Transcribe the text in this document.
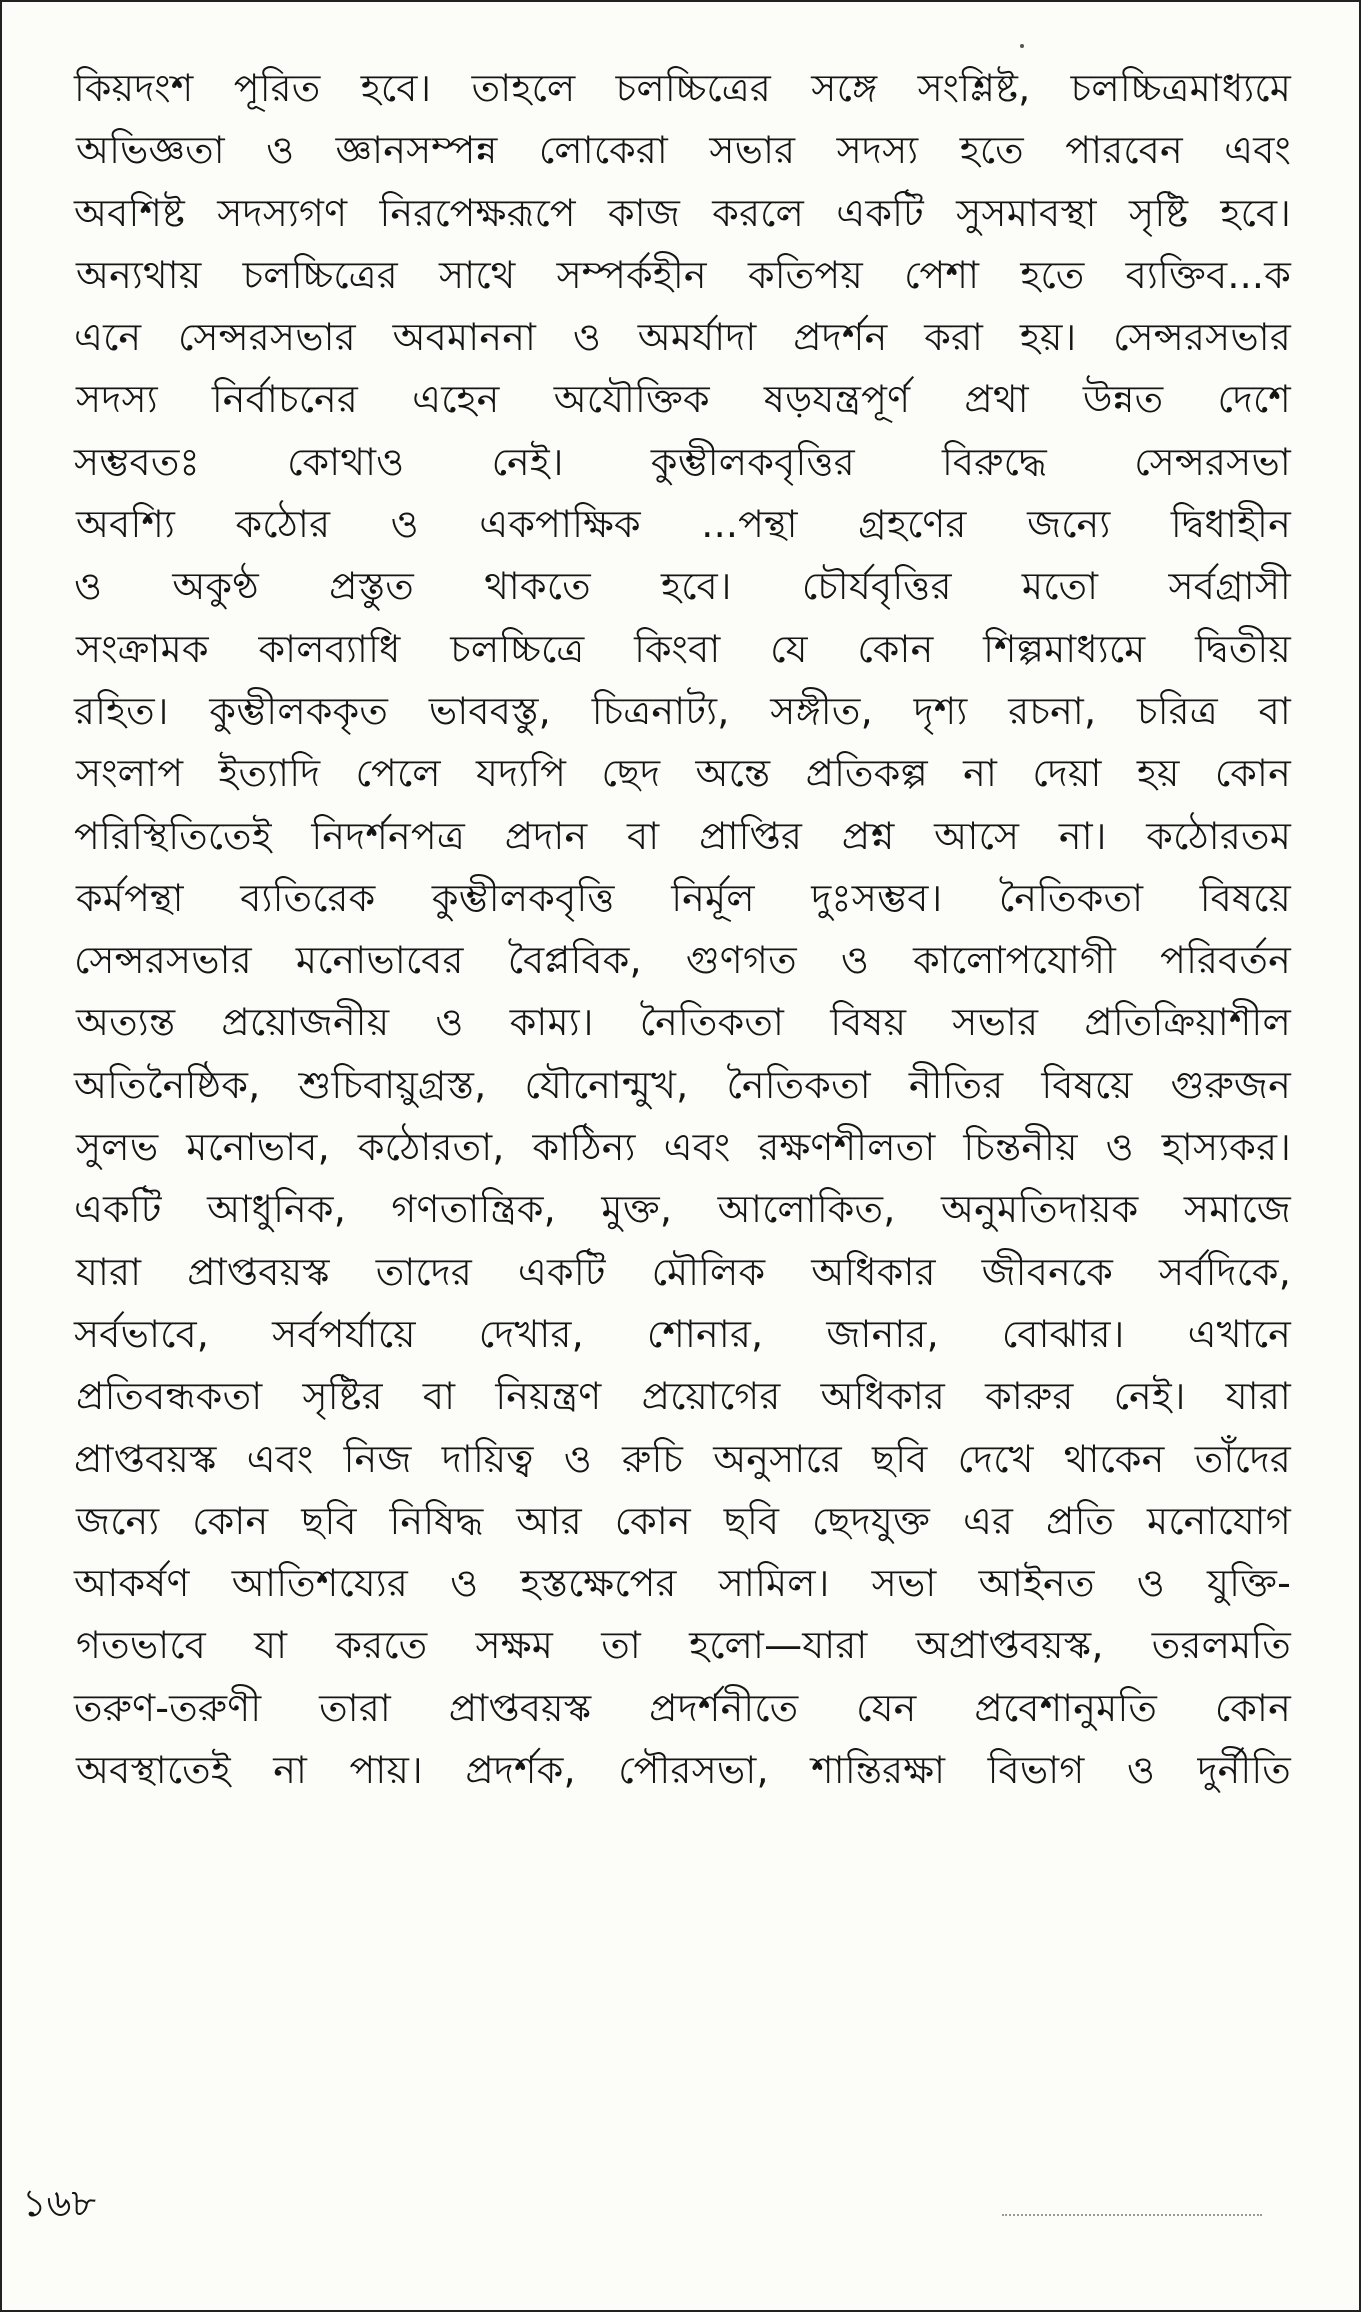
কিয়দংশ পূরিত হবে। তাহলে চলচ্চিত্রের সঙ্গে সংশ্লিষ্ট, চলচ্চিত্রমাধ্যমে
অভিজ্ঞতা ও জ্ঞানসম্পন্ন লোকেরা সভার সদস্য হতে পারবেন এবং
অবশিষ্ট সদস্যগণ নিরপেক্ষরূপে কাজ করলে একটি সুসমাবস্থা সৃষ্টি হবে।
অন্যথায় চলচ্চিত্রের সাথে সম্পর্কহীন কতিপয় পেশা হতে ব্যক্তিব...ক
এনে সেন্সরসভার অবমাননা ও অমর্যাদা প্রদর্শন করা হয়। সেন্সরসভার
সদস্য নির্বাচনের এহেন অযৌক্তিক ষড়যন্ত্রপূর্ণ প্রথা উন্নত দেশে
সম্ভবতঃ কোথাও নেই। কুম্ভীলকবৃত্তির বিরুদ্ধে সেন্সরসভা
অবশ্যি কঠোর ও একপাক্ষিক ...পন্থা গ্রহণের জন্যে দ্বিধাহীন
ও অকুণ্ঠ প্রস্তুত থাকতে হবে। চৌর্যবৃত্তির মতো সর্বগ্রাসী
সংক্রামক কালব্যাধি চলচ্চিত্রে কিংবা যে কোন শিল্পমাধ্যমে দ্বিতীয়
রহিত। কুম্ভীলককৃত ভাববস্তু, চিত্রনাট্য, সঙ্গীত, দৃশ্য রচনা, চরিত্র বা
সংলাপ ইত্যাদি পেলে যদ্যপি ছেদ অন্তে প্রতিকল্প না দেয়া হয় কোন
পরিস্থিতিতেই নিদর্শনপত্র প্রদান বা প্রাপ্তির প্রশ্ন আসে না। কঠোরতম
কর্মপন্থা ব্যতিরেক কুম্ভীলকবৃত্তি নির্মূল দুঃসম্ভব। নৈতিকতা বিষয়ে
সেন্সরসভার মনোভাবের বৈপ্লবিক, গুণগত ও কালোপযোগী পরিবর্তন
অত্যন্ত প্রয়োজনীয় ও কাম্য। নৈতিকতা বিষয় সভার প্রতিক্রিয়াশীল
অতিনৈষ্ঠিক, শুচিবায়ুগ্রস্ত, যৌনোন্মুখ, নৈতিকতা নীতির বিষয়ে গুরুজন
সুলভ মনোভাব, কঠোরতা, কাঠিন্য এবং রক্ষণশীলতা চিন্তনীয় ও হাস্যকর।
একটি আধুনিক, গণতান্ত্রিক, মুক্ত, আলোকিত, অনুমতিদায়ক সমাজে
যারা প্রাপ্তবয়স্ক তাদের একটি মৌলিক অধিকার জীবনকে সর্বদিকে,
সর্বভাবে, সর্বপর্যায়ে দেখার, শোনার, জানার, বোঝার। এখানে
প্রতিবন্ধকতা সৃষ্টির বা নিয়ন্ত্রণ প্রয়োগের অধিকার কারুর নেই। যারা
প্রাপ্তবয়স্ক এবং নিজ দায়িত্ব ও রুচি অনুসারে ছবি দেখে থাকেন তাঁদের
জন্যে কোন ছবি নিষিদ্ধ আর কোন ছবি ছেদযুক্ত এর প্রতি মনোযোগ
আকর্ষণ আতিশয্যের ও হস্তক্ষেপের সামিল। সভা আইনত ও যুক্তি-
গতভাবে যা করতে সক্ষম তা হলো—যারা অপ্রাপ্তবয়স্ক, তরলমতি
তরুণ-তরুণী তারা প্রাপ্তবয়স্ক প্রদর্শনীতে যেন প্রবেশানুমতি কোন
অবস্থাতেই না পায়। প্রদর্শক, পৌরসভা, শান্তিরক্ষা বিভাগ ও দুর্নীতি
১৬৮
